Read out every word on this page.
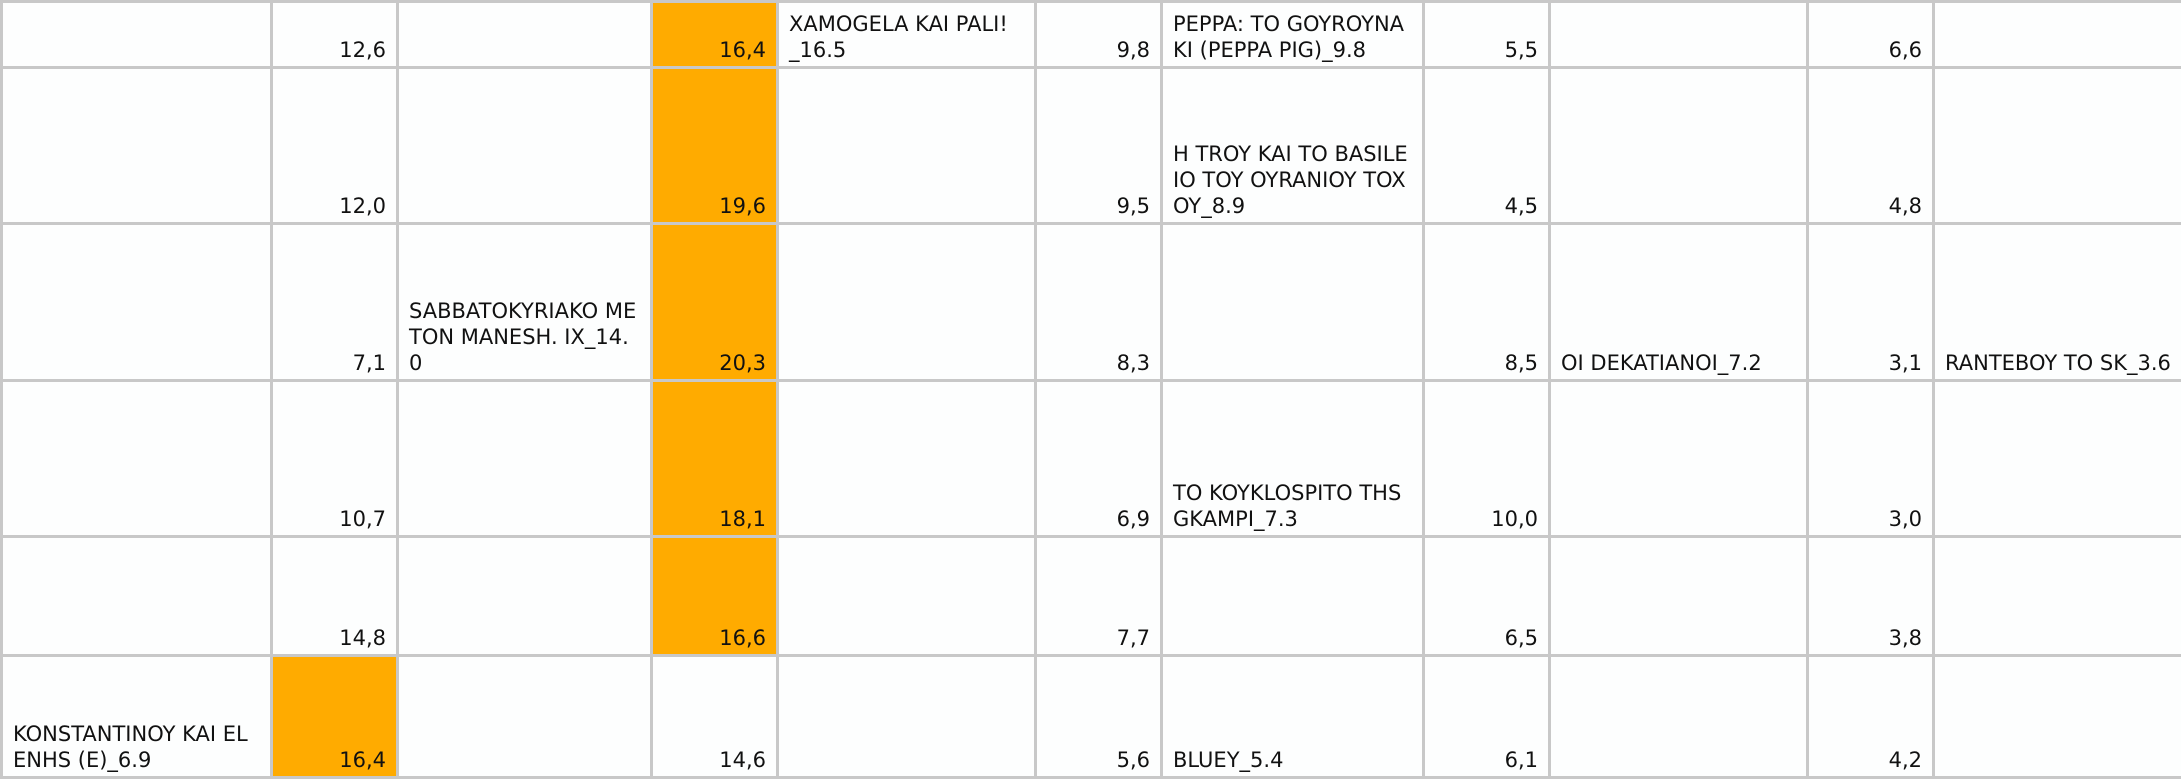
	12,6		16,4	XAMOGELA KAI PALI! _16.5	9,8	PEPPA: TO GOYROYNAKI (PEPPA PIG)_9.8	5,5		6,6	
	12,0		19,6		9,5	H TROY KAI TO BASILEIO TOY OYRANIOY TOXOY_8.9	4,5		4,8	
	7,1	SABBATOKYRIAKO ME TON MANESH. IX_14.0	20,3		8,3		8,5	OI DEKATIANOI_7.2	3,1	RANTEBOY TO SK_3.6
	10,7		18,1		6,9	TO KOYKLOSPITO THS GKAMPI_7.3	10,0		3,0	
	14,8		16,6		7,7		6,5		3,8	
KONSTANTINOY KAI ELENHS (E)_6.9	16,4		14,6		5,6	BLUEY_5.4	6,1		4,2	
